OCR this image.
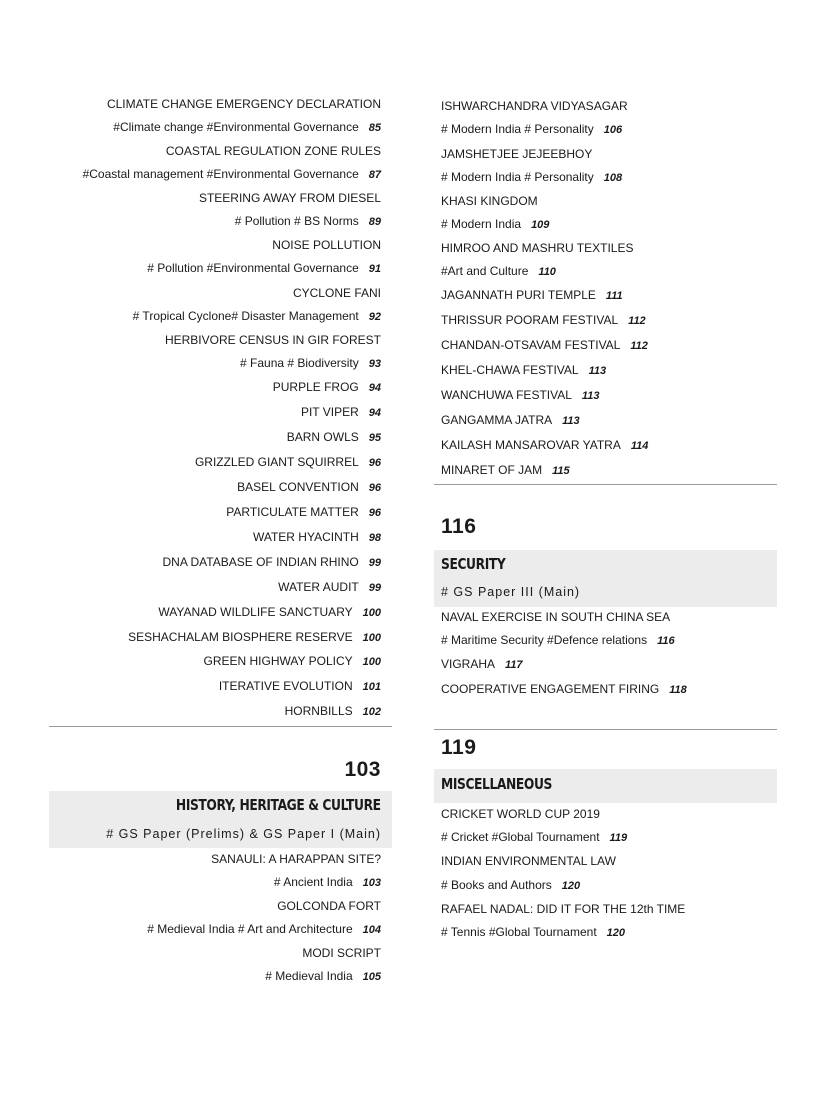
CLIMATE CHANGE EMERGENCY DECLARATION
#Climate change #Environmental Governance 85
COASTAL REGULATION ZONE RULES
#Coastal management #Environmental Governance 87
STEERING AWAY FROM DIESEL
# Pollution # BS Norms 89
NOISE POLLUTION
# Pollution #Environmental Governance 91
CYCLONE FANI
# Tropical Cyclone# Disaster Management 92
HERBIVORE CENSUS IN GIR FOREST
# Fauna # Biodiversity 93
PURPLE FROG 94
PIT VIPER 94
BARN OWLS 95
GRIZZLED GIANT SQUIRREL 96
BASEL CONVENTION 96
PARTICULATE MATTER 96
WATER HYACINTH 98
DNA DATABASE OF INDIAN RHINO 99
WATER AUDIT 99
WAYANAD WILDLIFE SANCTUARY 100
SESHACHALAM BIOSPHERE RESERVE 100
GREEN HIGHWAY POLICY 100
ITERATIVE EVOLUTION 101
HORNBILLS 102
103
HISTORY, HERITAGE & CULTURE
# GS Paper (Prelims) & GS Paper I (Main)
SANAULI: A HARAPPAN SITE?
# Ancient India 103
GOLCONDA FORT
# Medieval India # Art and Architecture 104
MODI SCRIPT
# Medieval India 105
ISHWARCHANDRA VIDYASAGAR
# Modern India # Personality 106
JAMSHETJEE JEJEEBHOY
# Modern India # Personality 108
KHASI KINGDOM
# Modern India 109
HIMROO AND MASHRU TEXTILES
#Art and Culture 110
JAGANNATH PURI TEMPLE 111
THRISSUR POORAM FESTIVAL 112
CHANDAN-OTSAVAM FESTIVAL 112
KHEL-CHAWA FESTIVAL 113
WANCHUWA FESTIVAL 113
GANGAMMA JATRA 113
KAILASH MANSAROVAR YATRA 114
MINARET OF JAM 115
116
SECURITY
# GS Paper III (Main)
NAVAL EXERCISE IN SOUTH CHINA SEA
# Maritime Security #Defence relations 116
VIGRAHA 117
COOPERATIVE ENGAGEMENT FIRING 118
119
MISCELLANEOUS
CRICKET WORLD CUP 2019
# Cricket #Global Tournament 119
INDIAN ENVIRONMENTAL LAW
# Books and Authors 120
RAFAEL NADAL: DID IT FOR THE 12th TIME
# Tennis #Global Tournament 120
